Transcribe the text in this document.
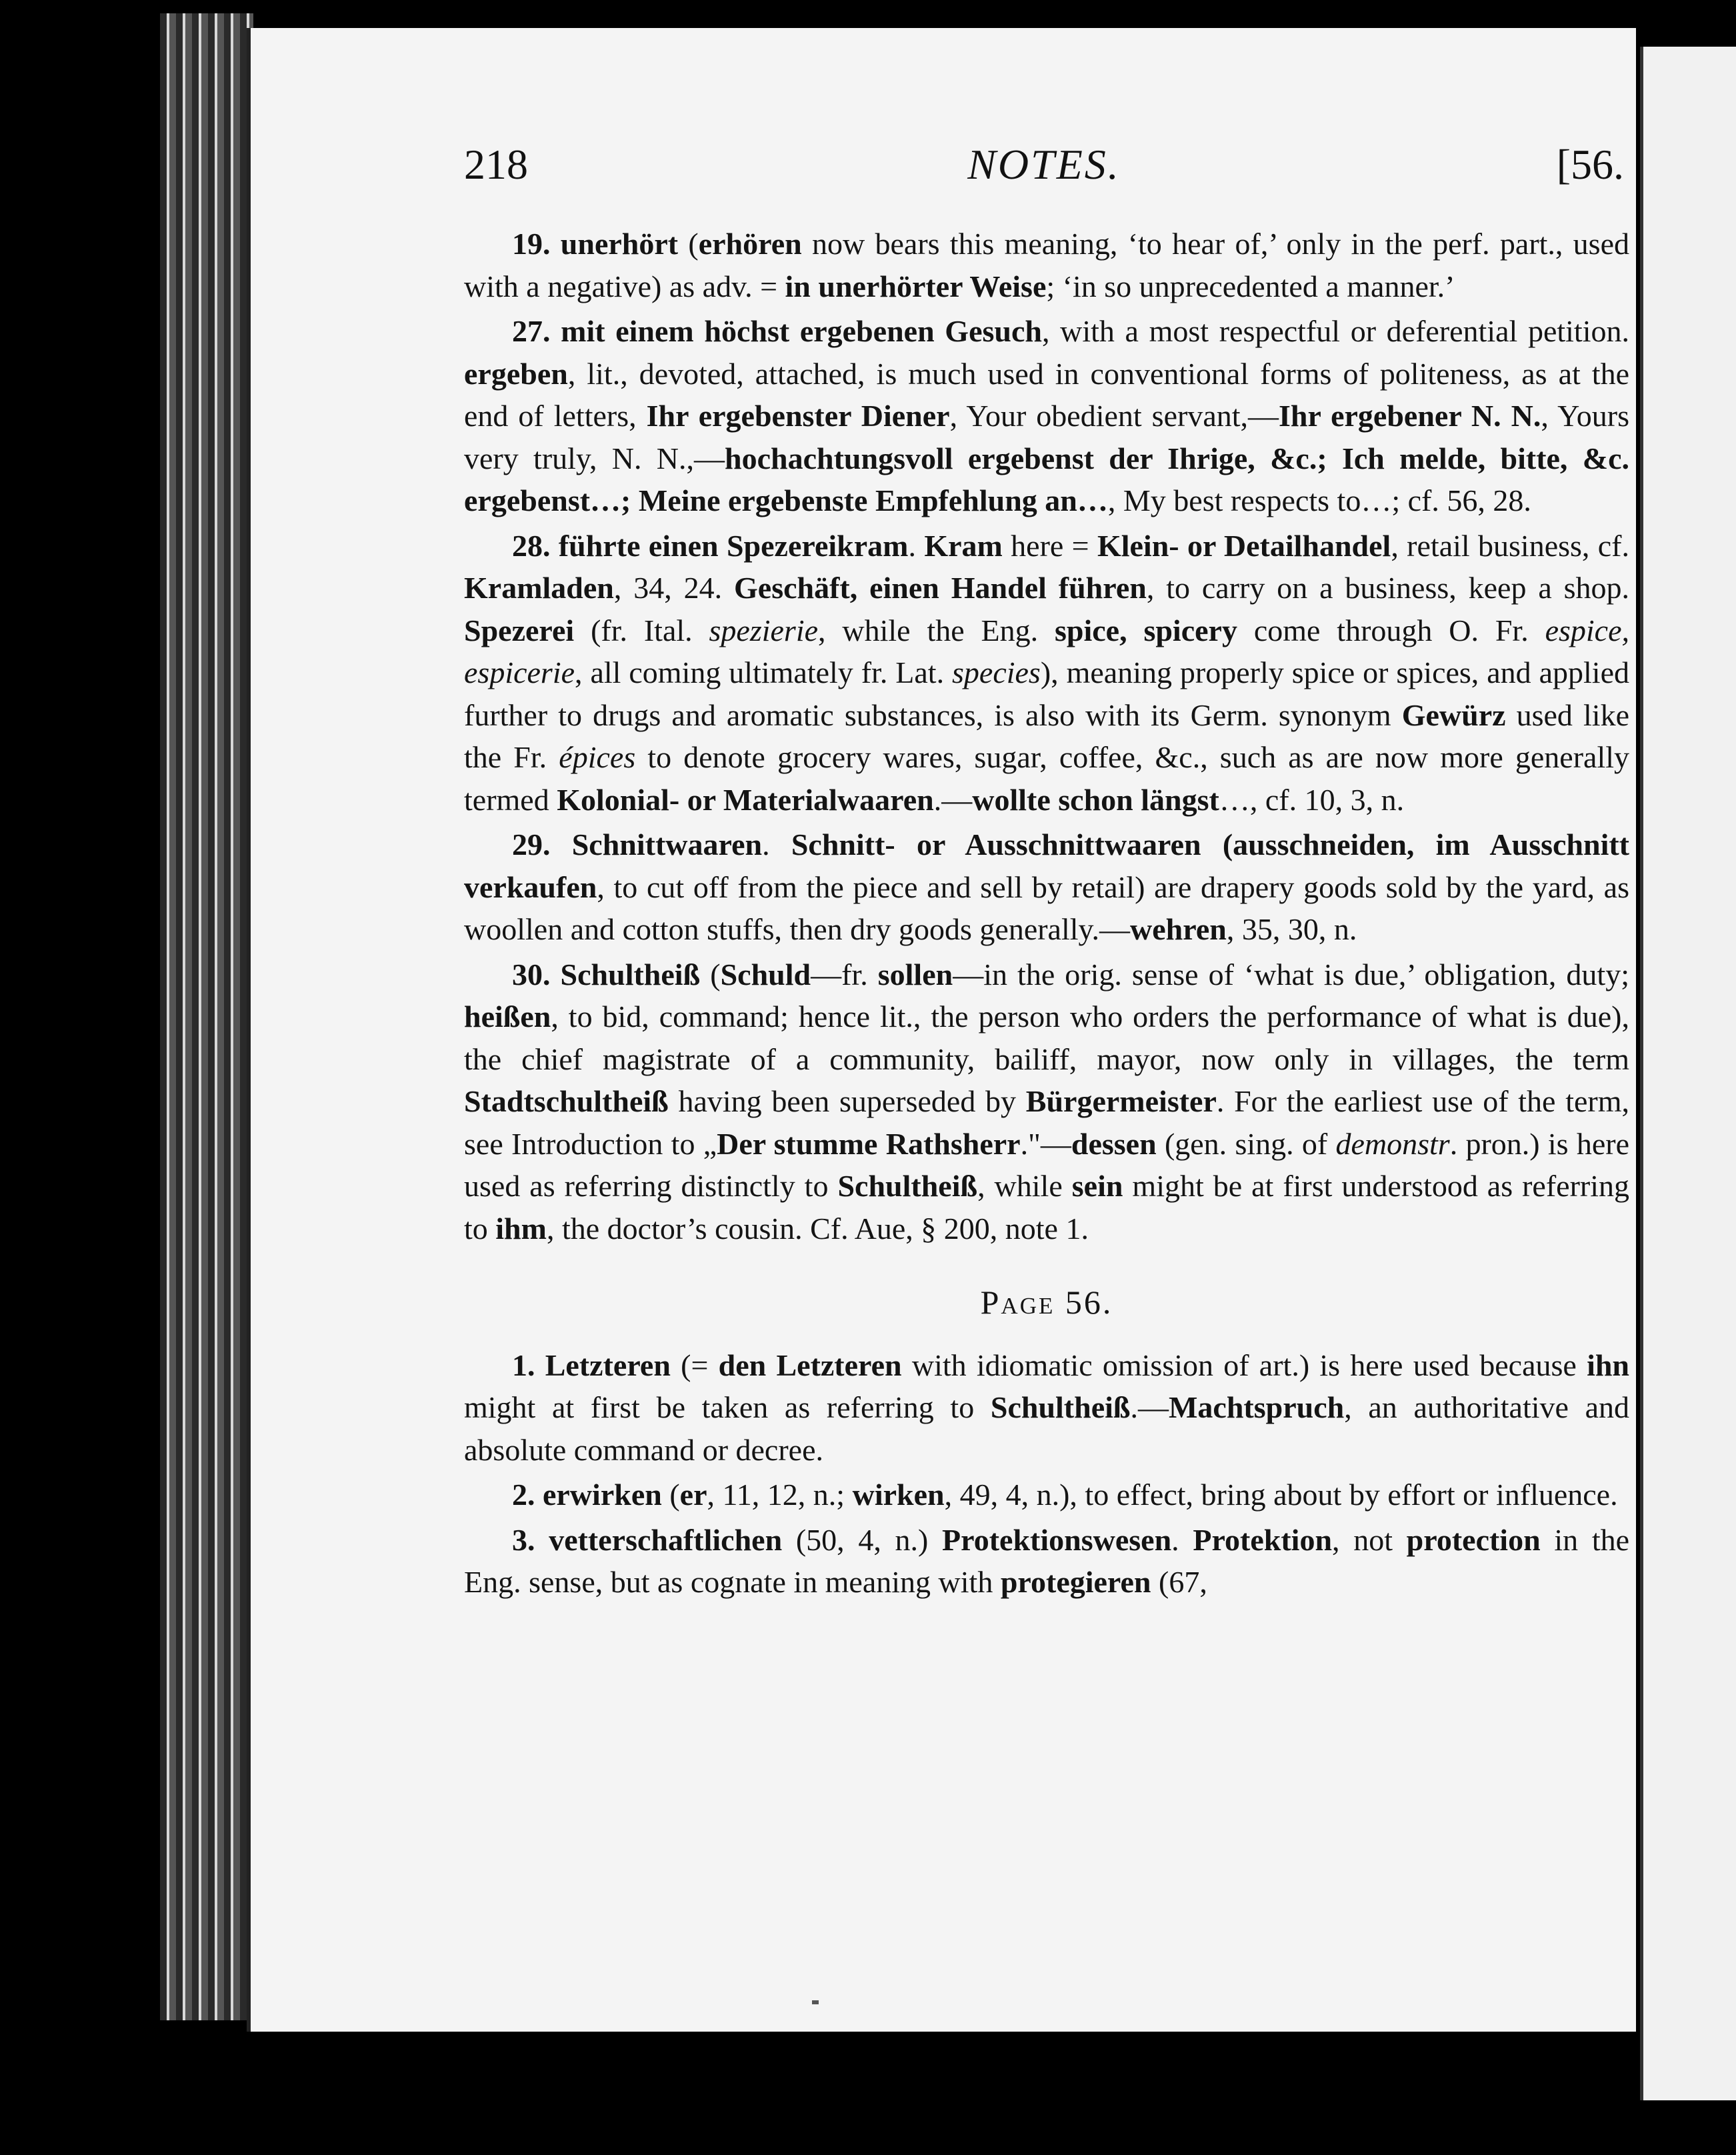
218	NOTES.	[56.

19. unerhört (erhören now bears this meaning, ‘to hear of,’ only in the perf. part., used with a negative) as adv. = in unerhörter Weise; ‘in so unprecedented a manner.’

27. mit einem höchst ergebenen Gesuch, with a most respectful or deferential petition. ergeben, lit., devoted, attached, is much used in conventional forms of politeness, as at the end of letters, Ihr ergebenster Diener, Your obedient servant,—Ihr ergebener N. N., Yours very truly, N. N.,—hochachtungsvoll ergebenst der Ihrige, &c.; Ich melde, bitte, &c. ergebenst…; Meine ergebenste Empfehlung an…, My best respects to…; cf. 56, 28.

28. führte einen Spezereikram. Kram here = Klein- or Detailhandel, retail business, cf. Kramladen, 34, 24. Geschäft, einen Handel führen, to carry on a business, keep a shop. Spezerei (fr. Ital. spezierie, while the Eng. spice, spicery come through O. Fr. espice, espicerie, all coming ultimately fr. Lat. species), meaning properly spice or spices, and applied further to drugs and aromatic substances, is also with its Germ. synonym Gewürz used like the Fr. épices to denote grocery wares, sugar, coffee, &c., such as are now more generally termed Kolonial- or Materialwaaren.—wollte schon längst…, cf. 10, 3, n.

29. Schnittwaaren. Schnitt- or Ausschnittwaaren (ausschneiden, im Ausschnitt verkaufen, to cut off from the piece and sell by retail) are drapery goods sold by the yard, as woollen and cotton stuffs, then dry goods generally.—wehren, 35, 30, n.

30. Schultheiß (Schuld—fr. sollen—in the orig. sense of ‘what is due,’ obligation, duty; heißen, to bid, command; hence lit., the person who orders the performance of what is due), the chief magistrate of a community, bailiff, mayor, now only in villages, the term Stadtschultheiß having been superseded by Bürgermeister. For the earliest use of the term, see Introduction to „Der stumme Rathsherr."—dessen (gen. sing. of demonstr. pron.) is here used as referring distinctly to Schultheiß, while sein might be at first understood as referring to ihm, the doctor’s cousin. Cf. Aue, § 200, note 1.

Page 56.

1. Letzteren (= den Letzteren with idiomatic omission of art.) is here used because ihn might at first be taken as referring to Schultheiß.—Machtspruch, an authoritative and absolute command or decree.

2. erwirken (er, 11, 12, n.; wirken, 49, 4, n.), to effect, bring about by effort or influence.

3. vetterschaftlichen (50, 4, n.) Protektionswesen. Protektion, not protection in the Eng. sense, but as cognate in meaning with protegieren (67,
